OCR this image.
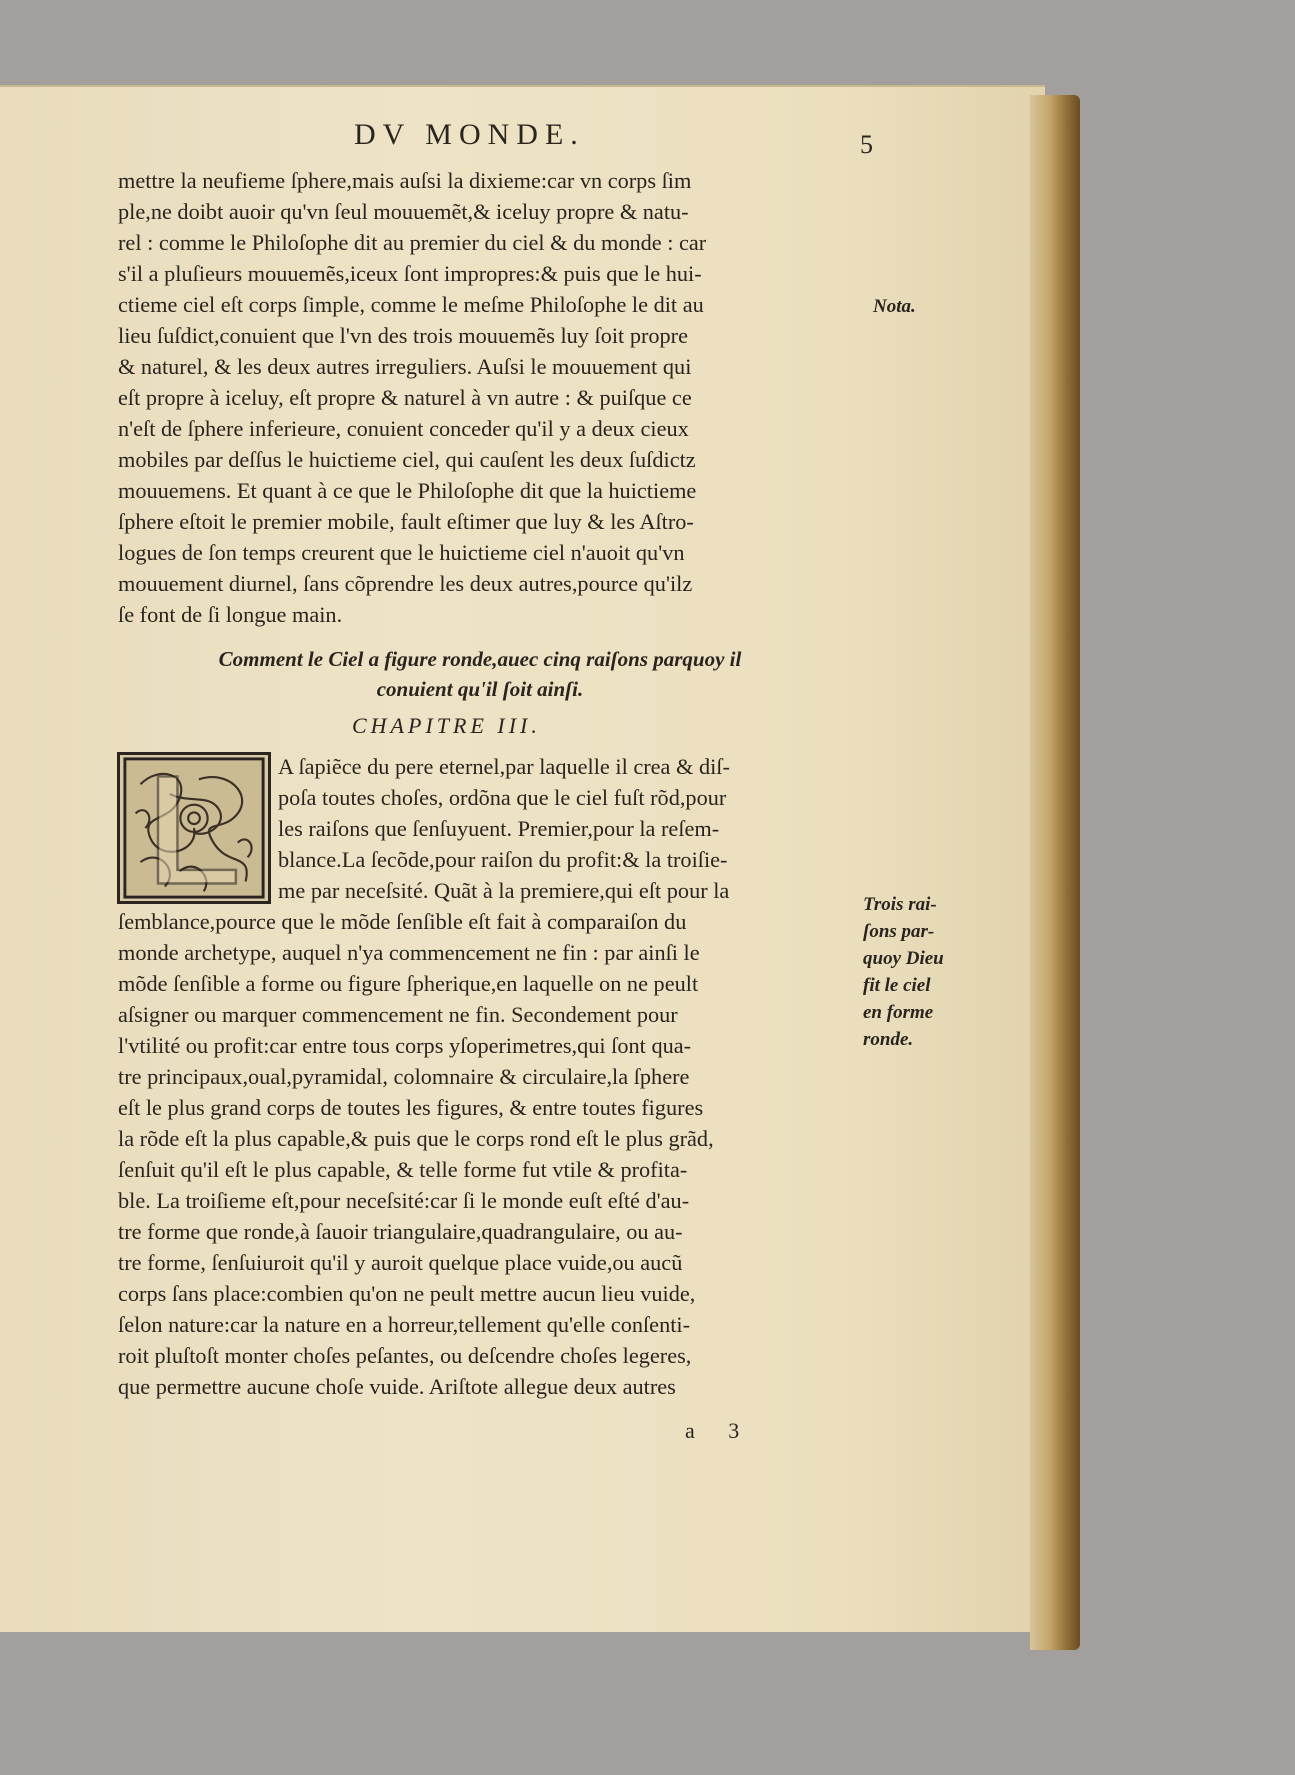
DV MONDE.	5
mettre la neufieme ſphere,mais auſsi la dixieme:car vn corps ſim
ple,ne doibt auoir qu'vn ſeul mouuemẽt,& iceluy propre & natu-
rel : comme le Philoſophe dit au premier du ciel & du monde : car
s'il a pluſieurs mouuemẽs,iceux ſont impropres:& puis que le hui-
ctieme ciel eſt corps ſimple, comme le meſme Philoſophe le dit au
lieu ſuſdict,conuient que l'vn des trois mouuemẽs luy ſoit propre
& naturel, & les deux autres irreguliers. Auſsi le mouuement qui
eſt propre à iceluy, eſt propre & naturel à vn autre : & puiſque ce
n'eſt de ſphere inferieure, conuient conceder qu'il y a deux cieux
mobiles par deſſus le huictieme ciel, qui cauſent les deux ſuſdictz
mouuemens. Et quant à ce que le Philoſophe dit que la huictieme
ſphere eſtoit le premier mobile, fault eſtimer que luy & les Aſtro-
logues de ſon temps creurent que le huictieme ciel n'auoit qu'vn
mouuement diurnel, ſans cõprendre les deux autres,pource qu'ilz
ſe font de ſi longue main.
Nota.
Comment le Ciel a figure ronde,auec cinq raiſons parquoy il
conuient qu'il ſoit ainſi.
CHAPITRE III.
A ſapiẽce du pere eternel,par laquelle il crea & diſ-
poſa toutes choſes, ordõna que le ciel fuſt rõd,pour
les raiſons que ſenſuyuent. Premier,pour la reſem-
blance.La ſecõde,pour raiſon du profit:& la troiſie-
me par neceſsité. Quãt à la premiere,qui eſt pour la
ſemblance,pource que le mõde ſenſible eſt fait à comparaiſon du
monde archetype, auquel n'ya commencement ne fin : par ainſi le
mõde ſenſible a forme ou figure ſpherique,en laquelle on ne peult
aſsigner ou marquer commencement ne fin. Secondement pour
l'vtilité ou profit:car entre tous corps yſoperimetres,qui ſont qua-
tre principaux,oual,pyramidal, colomnaire & circulaire,la ſphere
eſt le plus grand corps de toutes les figures, & entre toutes figures
la rõde eſt la plus capable,& puis que le corps rond eſt le plus grãd,
ſenſuit qu'il eſt le plus capable, & telle forme fut vtile & profita-
ble. La troiſieme eſt,pour neceſsité:car ſi le monde euſt eſté d'au-
tre forme que ronde,à ſauoir triangulaire,quadrangulaire, ou au-
tre forme, ſenſuiuroit qu'il y auroit quelque place vuide,ou aucũ
corps ſans place:combien qu'on ne peult mettre aucun lieu vuide,
ſelon nature:car la nature en a horreur,tellement qu'elle conſenti-
roit pluſtoſt monter choſes peſantes, ou deſcendre choſes legeres,
que permettre aucune choſe vuide. Ariſtote allegue deux autres
Trois rai-
ſons par-
quoy Dieu
fit le ciel
en forme
ronde.
a 3
